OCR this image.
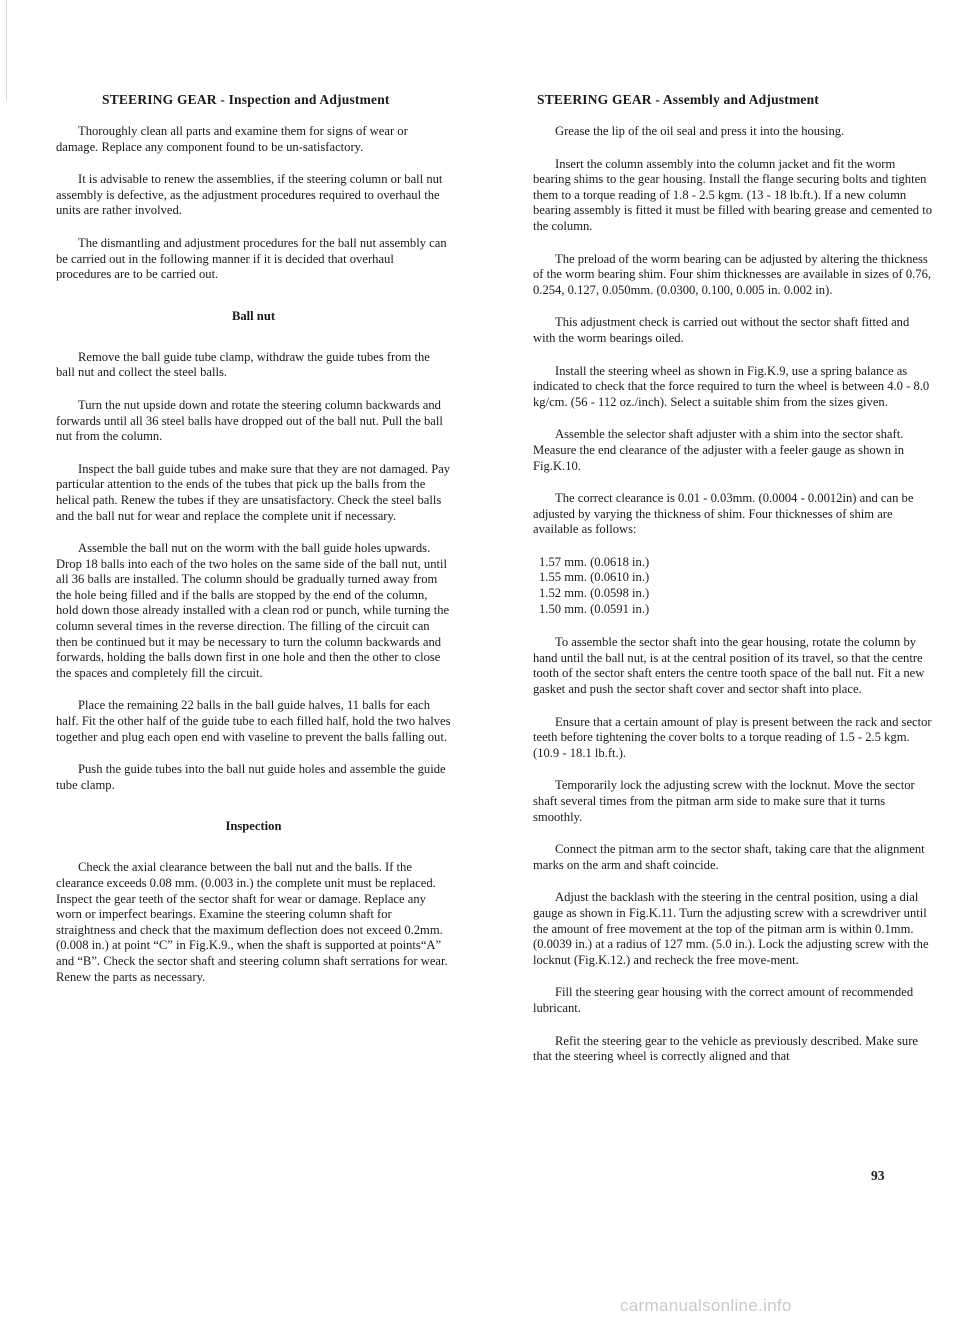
STEERING GEAR - Inspection and Adjustment

Thoroughly clean all parts and examine them for signs of wear or damage. Replace any component found to be un-satisfactory.

It is advisable to renew the assemblies, if the steering column or ball nut assembly is defective, as the adjustment procedures required to overhaul the units are rather involved.

The dismantling and adjustment procedures for the ball nut assembly can be carried out in the following manner if it is decided that overhaul procedures are to be carried out.

Ball nut

Remove the ball guide tube clamp, withdraw the guide tubes from the ball nut and collect the steel balls.

Turn the nut upside down and rotate the steering column backwards and forwards until all 36 steel balls have dropped out of the ball nut. Pull the ball nut from the column.

Inspect the ball guide tubes and make sure that they are not damaged. Pay particular attention to the ends of the tubes that pick up the balls from the helical path. Renew the tubes if they are unsatisfactory. Check the steel balls and the ball nut for wear and replace the complete unit if necessary.

Assemble the ball nut on the worm with the ball guide holes upwards. Drop 18 balls into each of the two holes on the same side of the ball nut, until all 36 balls are installed. The column should be gradually turned away from the hole being filled and if the balls are stopped by the end of the column, hold down those already installed with a clean rod or punch, while turning the column several times in the reverse direction. The filling of the circuit can then be continued but it may be necessary to turn the column backwards and forwards, holding the balls down first in one hole and then the other to close the spaces and completely fill the circuit.

Place the remaining 22 balls in the ball guide halves, 11 balls for each half. Fit the other half of the guide tube to each filled half, hold the two halves together and plug each open end with vaseline to prevent the balls falling out.

Push the guide tubes into the ball nut guide holes and assemble the guide tube clamp.

Inspection

Check the axial clearance between the ball nut and the balls. If the clearance exceeds 0.08 mm. (0.003 in.) the complete unit must be replaced. Inspect the gear teeth of the sector shaft for wear or damage. Replace any worn or imperfect bearings. Examine the steering column shaft for straightness and check that the maximum deflection does not exceed 0.2mm. (0.008 in.) at point “C” in Fig.K.9., when the shaft is supported at points“A” and “B”. Check the sector shaft and steering column shaft serrations for wear. Renew the parts as necessary.

STEERING GEAR - Assembly and Adjustment

Grease the lip of the oil seal and press it into the housing.

Insert the column assembly into the column jacket and fit the worm bearing shims to the gear housing. Install the flange securing bolts and tighten them to a torque reading of 1.8 - 2.5 kgm. (13 - 18 lb.ft.). If a new column bearing assembly is fitted it must be filled with bearing grease and cemented to the column.

The preload of the worm bearing can be adjusted by altering the thickness of the worm bearing shim. Four shim thicknesses are available in sizes of 0.76, 0.254, 0.127, 0.050mm. (0.0300, 0.100, 0.005 in. 0.002 in).

This adjustment check is carried out without the sector shaft fitted and with the worm bearings oiled.

Install the steering wheel as shown in Fig.K.9, use a spring balance as indicated to check that the force required to turn the wheel is between 4.0 - 8.0 kg/cm. (56 - 112 oz./inch). Select a suitable shim from the sizes given.

Assemble the selector shaft adjuster with a shim into the sector shaft. Measure the end clearance of the adjuster with a feeler gauge as shown in Fig.K.10.

The correct clearance is 0.01 - 0.03mm. (0.0004 - 0.0012in) and can be adjusted by varying the thickness of shim. Four thicknesses of shim are available as follows:

1.57 mm. (0.0618 in.)
1.55 mm. (0.0610 in.)
1.52 mm. (0.0598 in.)
1.50 mm. (0.0591 in.)

To assemble the sector shaft into the gear housing, rotate the column by hand until the ball nut, is at the central position of its travel, so that the centre tooth of the sector shaft enters the centre tooth space of the ball nut. Fit a new gasket and push the sector shaft cover and sector shaft into place.

Ensure that a certain amount of play is present between the rack and sector teeth before tightening the cover bolts to a torque reading of 1.5 - 2.5 kgm. (10.9 - 18.1 lb.ft.).

Temporarily lock the adjusting screw with the locknut. Move the sector shaft several times from the pitman arm side to make sure that it turns smoothly.

Connect the pitman arm to the sector shaft, taking care that the alignment marks on the arm and shaft coincide.

Adjust the backlash with the steering in the central position, using a dial gauge as shown in Fig.K.11. Turn the adjusting screw with a screwdriver until the amount of free movement at the top of the pitman arm is within 0.1mm. (0.0039 in.) at a radius of 127 mm. (5.0 in.). Lock the adjusting screw with the locknut (Fig.K.12.) and recheck the free move-ment.

Fill the steering gear housing with the correct amount of recommended lubricant.

Refit the steering gear to the vehicle as previously described. Make sure that the steering wheel is correctly aligned and that

93
carmanualsonline.info
